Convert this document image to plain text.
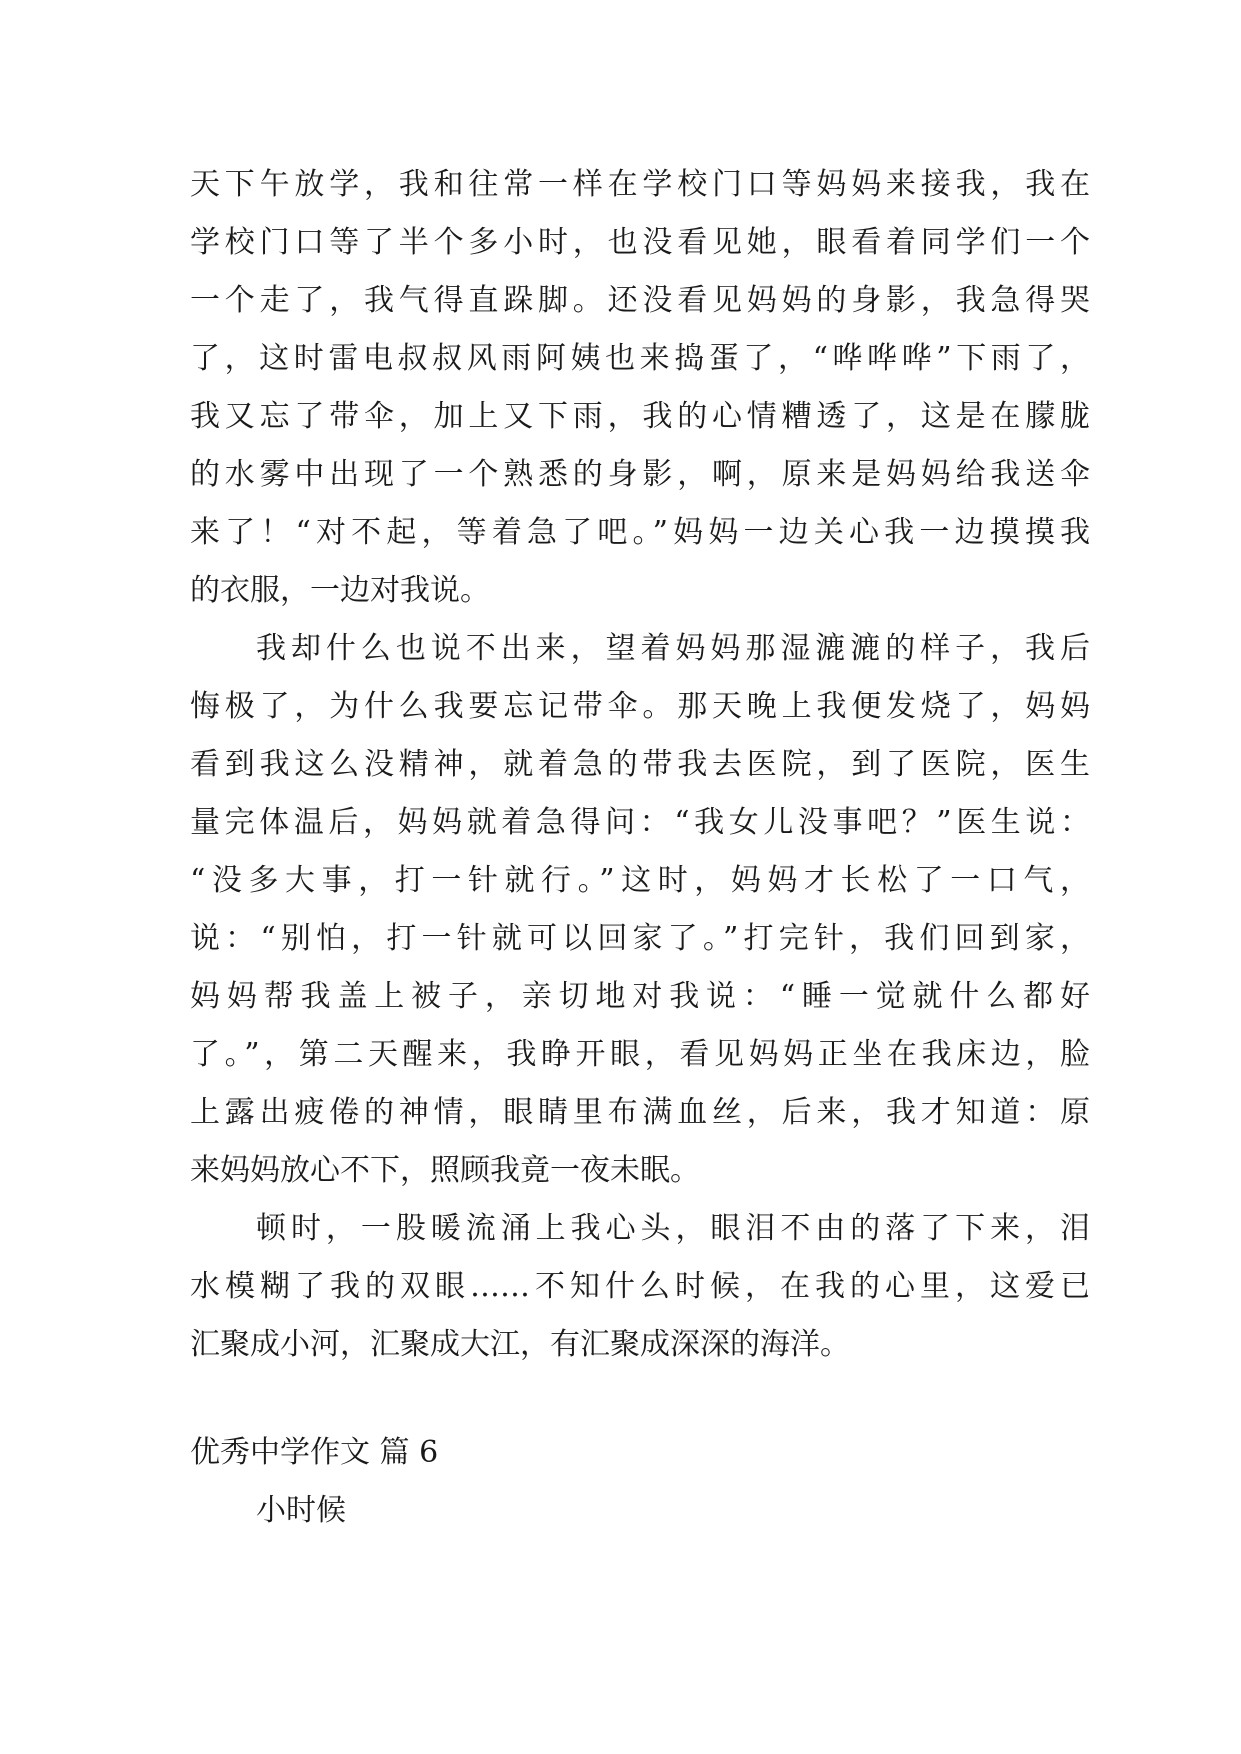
天下午放学，我和往常一样在学校门口等妈妈来接我，我在
学校门口等了半个多小时，也没看见她，眼看着同学们一个
一个走了，我气得直跺脚。还没看见妈妈的身影，我急得哭
了，这时雷电叔叔风雨阿姨也来捣蛋了，“哗哗哗”下雨了，
我又忘了带伞，加上又下雨，我的心情糟透了，这是在朦胧
的水雾中出现了一个熟悉的身影，啊，原来是妈妈给我送伞
来了！“对不起，等着急了吧。”妈妈一边关心我一边摸摸我
的衣服，一边对我说。
我却什么也说不出来，望着妈妈那湿漉漉的样子，我后
悔极了，为什么我要忘记带伞。那天晚上我便发烧了，妈妈
看到我这么没精神，就着急的带我去医院，到了医院，医生
量完体温后，妈妈就着急得问：“我女儿没事吧？”医生说：
“没多大事，打一针就行。”这时，妈妈才长松了一口气，
说：“别怕，打一针就可以回家了。”打完针，我们回到家，
妈妈帮我盖上被子，亲切地对我说：“睡一觉就什么都好
了。”，第二天醒来，我睁开眼，看见妈妈正坐在我床边，脸
上露出疲倦的神情，眼睛里布满血丝，后来，我才知道：原
来妈妈放心不下，照顾我竟一夜未眠。
顿时，一股暖流涌上我心头，眼泪不由的落了下来，泪
水模糊了我的双眼……不知什么时候，在我的心里，这爱已
汇聚成小河，汇聚成大江，有汇聚成深深的海洋。
优秀中学作文 篇 6
小时候
